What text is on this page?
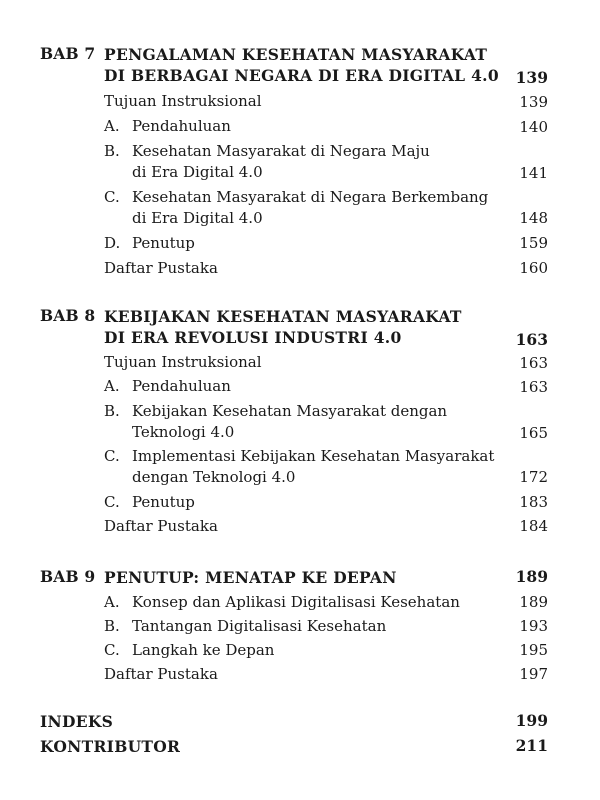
BAB 7 PENGALAMAN KESEHATAN MASYARAKAT
DI BERBAGAI NEGARA DI ERA DIGITAL 4.0 139
Tujuan Instruksional	139
A. Pendahuluan	140
B. Kesehatan Masyarakat di Negara Maju
di Era Digital 4.0	141
C. Kesehatan Masyarakat di Negara Berkembang
di Era Digital 4.0	148
D. Penutup	159
Daftar Pustaka	160
BAB 8 KEBIJAKAN KESEHATAN MASYARAKAT
DI ERA REVOLUSI INDUSTRI 4.0	163
Tujuan Instruksional	163
A. Pendahuluan	163
B. Kebijakan Kesehatan Masyarakat dengan
Teknologi 4.0	165
C. Implementasi Kebijakan Kesehatan Masyarakat
dengan Teknologi 4.0	172
C. Penutup	183
Daftar Pustaka	184
BAB 9 PENUTUP: MENATAP KE DEPAN	189
A. Konsep dan Aplikasi Digitalisasi Kesehatan	189
B. Tantangan Digitalisasi Kesehatan	193
C. Langkah ke Depan	195
Daftar Pustaka	197
INDEKS	199
KONTRIBUTOR	211
